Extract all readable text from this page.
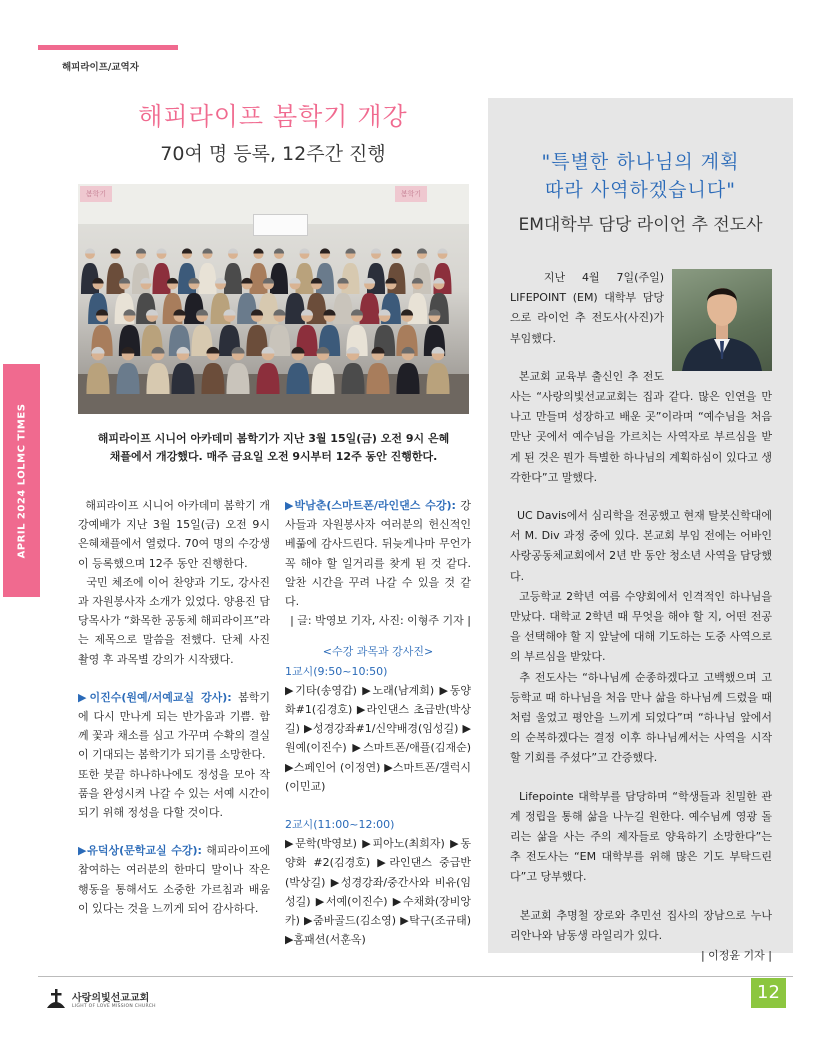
해피라이프/교역자
APRIL 2024 LOLMC TIMES
해피라이프 봄학기 개강
70여 명 등록, 12주간 진행
봄학기	봄학기
해피라이프 시니어 아카데미 봄학기가 지난 3월 15일(금) 오전 9시 은혜
채플에서 개강했다. 매주 금요일 오전 9시부터 12주 동안 진행한다.

해피라이프 시니어 아카데미 봄학기 개강예배가 지난 3월 15일(금) 오전 9시 은혜채플에서 열렸다. 70여 명의 수강생이 등록했으며 12주 동안 진행한다.

국민 체조에 이어 찬양과 기도, 강사진과 자원봉사자 소개가 있었다. 양용진 담당목사가 “화목한 공동체 해피라이프”라는 제목으로 말씀을 전했다. 단체 사진 촬영 후 과목별 강의가 시작됐다.

▶이진수(원예/서예교실 강사): 봄학기에 다시 만나게 되는 반가움과 기쁨. 함께 꽃과 채소를 심고 가꾸며 수확의 결실이 기대되는 봄학기가 되기를 소망한다.

또한 붓끝 하나하나에도 정성을 모아 작품을 완성시켜 나갈 수 있는 서예 시간이 되기 위해 정성을 다할 것이다.

▶유덕상(문학교실 수강): 해피라이프에 참여하는 여러분의 한마디 말이나 작은 행동을 통해서도 소중한 가르침과 배움이 있다는 것을 느끼게 되어 감사하다.

▶박남춘(스마트폰/라인댄스 수강): 강사들과 자원봉사자 여러분의 헌신적인 베풂에 감사드린다. 뒤늦게나마 무언가 꼭 해야 할 일거리를 찾게 된 것 같다. 알찬 시간을 꾸려 나갈 수 있을 것 같다.

| 글: 박영보 기자, 사진: 이형주 기자 |

<수강 과목과 강사진>

1교시(9:50~10:50)

▶기타(송영갑) ▶노래(남계희) ▶동양화#1(김경호) ▶라인댄스 초급반(박상길) ▶성경강좌#1/신약배경(임성길) ▶원예(이진수) ▶스마트폰/애플(김재순) ▶스페인어 (이정연) ▶스마트폰/갤럭시(이민교)

2교시(11:00~12:00)

▶문학(박영보) ▶피아노(최희자) ▶동양화 #2(김경호) ▶라인댄스 중급반(박상길) ▶성경강좌/중간사와 비유(임성길) ▶서예(이진수) ▶수채화(장비앙카) ▶줌바골드(김소영) ▶탁구(조규태) ▶홈패션(서훈옥)

"특별한 하나님의 계획
따라 사역하겠습니다"
EM대학부 담당 라이언 추 전도사

지난 4월 7일(주일) LIFEPOINT (EM) 대학부 담당으로 라이언 추 전도사(사진)가 부임했다.

본교회 교육부 출신인 추 전도사는 “사랑의빛선교교회는 집과 같다. 많은 인연을 만나고 만들며 성장하고 배운 곳”이라며 “예수님을 처음 만난 곳에서 예수님을 가르치는 사역자로 부르심을 받게 된 것은 뭔가 특별한 하나님의 계획하심이 있다고 생각한다”고 말했다.

UC Davis에서 심리학을 전공했고 현재 탈봇신학대에서 M. Div 과정 중에 있다. 본교회 부임 전에는 어바인 사랑공동체교회에서 2년 반 동안 청소년 사역을 담당했다.

고등학교 2학년 여름 수양회에서 인격적인 하나님을 만났다. 대학교 2학년 때 무엇을 해야 할 지, 어떤 전공을 선택해야 할 지 앞날에 대해 기도하는 도중 사역으로의 부르심을 받았다.

추 전도사는 “하나님께 순종하겠다고 고백했으며 고등학교 때 하나님을 처음 만나 삶을 하나님께 드렸을 때처럼 울었고 평안을 느끼게 되었다”며 “하나님 앞에서의 순복하겠다는 결정 이후 하나님께서는 사역을 시작할 기회를 주셨다”고 간증했다.

Lifepointe 대학부를 담당하며 “학생들과 친밀한 관계 정립을 통해 삶을 나누길 원한다. 예수님께 영광 돌리는 삶을 사는 주의 제자들로 양육하기 소망한다”는 추 전도사는 “EM 대학부를 위해 많은 기도 부탁드린다”고 당부했다.

본교회 추명철 장로와 추민선 집사의 장남으로 누나 리안나와 남동생 라일리가 있다.

| 이정윤 기자 |

사랑의빛선교교회
LIGHT OF LOVE MISSION CHURCH
12
